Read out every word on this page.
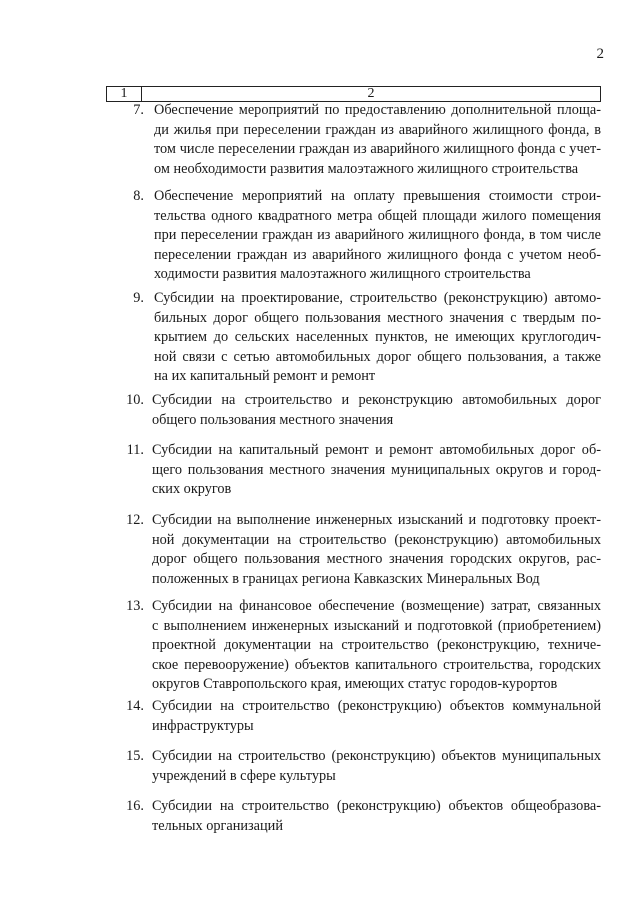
2
1	2
7. Обеспечение мероприятий по предоставлению дополнительной площа-
ди жилья при переселении граждан из аварийного жилищного фонда, в
том числе переселении граждан из аварийного жилищного фонда с учет-
ом необходимости развития малоэтажного жилищного строительства
8. Обеспечение мероприятий на оплату превышения стоимости строи-
тельства одного квадратного метра общей площади жилого помещения
при переселении граждан из аварийного жилищного фонда, в том числе
переселении граждан из аварийного жилищного фонда с учетом необ-
ходимости развития малоэтажного жилищного строительства
9. Субсидии на проектирование, строительство (реконструкцию) автомо-
бильных дорог общего пользования местного значения с твердым по-
крытием до сельских населенных пунктов, не имеющих круглогодич-
ной связи с сетью автомобильных дорог общего пользования, а также
на их капитальный ремонт и ремонт
10. Субсидии на строительство и реконструкцию автомобильных дорог
общего пользования местного значения
11. Субсидии на капитальный ремонт и ремонт автомобильных дорог об-
щего пользования местного значения муниципальных округов и город-
ских округов
12. Субсидии на выполнение инженерных изысканий и подготовку проект-
ной документации на строительство (реконструкцию) автомобильных
дорог общего пользования местного значения городских округов, рас-
положенных в границах региона Кавказских Минеральных Вод
13. Субсидии на финансовое обеспечение (возмещение) затрат, связанных
с выполнением инженерных изысканий и подготовкой (приобретением)
проектной документации на строительство (реконструкцию, техниче-
ское перевооружение) объектов капитального строительства, городских
округов Ставропольского края, имеющих статус городов-курортов
14. Субсидии на строительство (реконструкцию) объектов коммунальной
инфраструктуры
15. Субсидии на строительство (реконструкцию) объектов муниципальных
учреждений в сфере культуры
16. Субсидии на строительство (реконструкцию) объектов общеобразова-
тельных организаций
